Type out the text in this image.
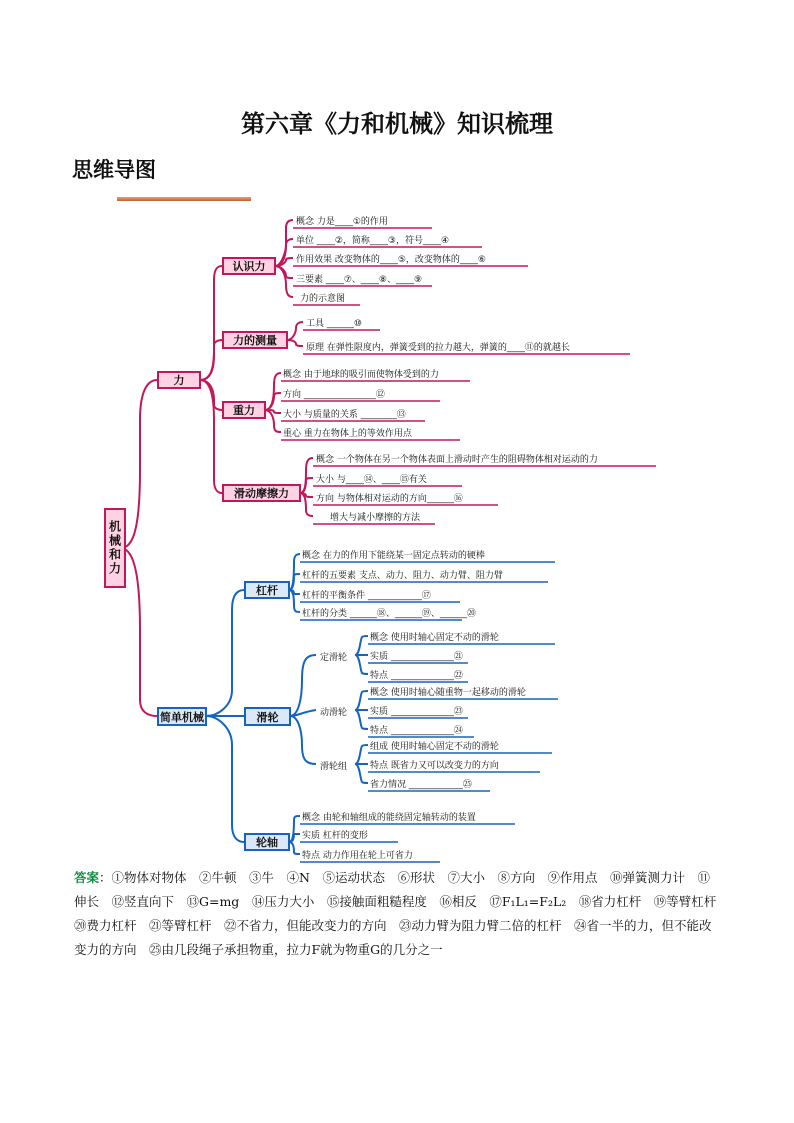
第六章《力和机械》知识梳理
思维导图
机械和力
力
简单机械
认识力
力的测量
重力
滑动摩擦力
杠杆
滑轮
轮轴
概念 力是____①的作用
单位 ____②，简称____③，符号____④
作用效果 改变物体的____⑤，改变物体的____⑥
三要素 ____⑦、____⑧、____⑨
力的示意图
工具 ______⑩
原理 在弹性限度内，弹簧受到的拉力越大，弹簧的____⑪的就越长
概念 由于地球的吸引而使物体受到的力
方向 ________________⑫
大小 与质量的关系 ________⑬
重心 重力在物体上的等效作用点
概念 一个物体在另一个物体表面上滑动时产生的阻碍物体相对运动的力
大小 与____⑭、____⑮有关
方向 与物体相对运动的方向______⑯
增大与减小摩擦的方法
概念 在力的作用下能绕某一固定点转动的硬棒
杠杆的五要素 支点、动力、阻力、动力臂、阻力臂
杠杆的平衡条件 ____________⑰
杠杆的分类 ______⑱、______⑲、______⑳
定滑轮
动滑轮
滑轮组
概念 使用时轴心固定不动的滑轮
实质 ______________㉑
特点 ______________㉒
概念 使用时轴心随重物一起移动的滑轮
实质 ______________㉓
特点 ______________㉔
组成 使用时轴心固定不动的滑轮
特点 既省力又可以改变力的方向
省力情况 ____________㉕
概念 由轮和轴组成的能绕固定轴转动的装置
实质 杠杆的变形
特点 动力作用在轮上可省力
答案：①物体对物体　②牛顿　③牛　④N　⑤运动状态　⑥形状　⑦大小　⑧方向　⑨作用点　⑩弹簧测力计　⑪伸长　⑫竖直向下　⑬G=mg　⑭压力大小　⑮接触面粗糙程度　⑯相反　⑰F₁L₁=F₂L₂　⑱省力杠杆　⑲等臂杠杆　⑳费力杠杆　㉑等臂杠杆　㉒不省力，但能改变力的方向　㉓动力臂为阻力臂二倍的杠杆　㉔省一半的力，但不能改变力的方向　㉕由几段绳子承担物重，拉力F就为物重G的几分之一
